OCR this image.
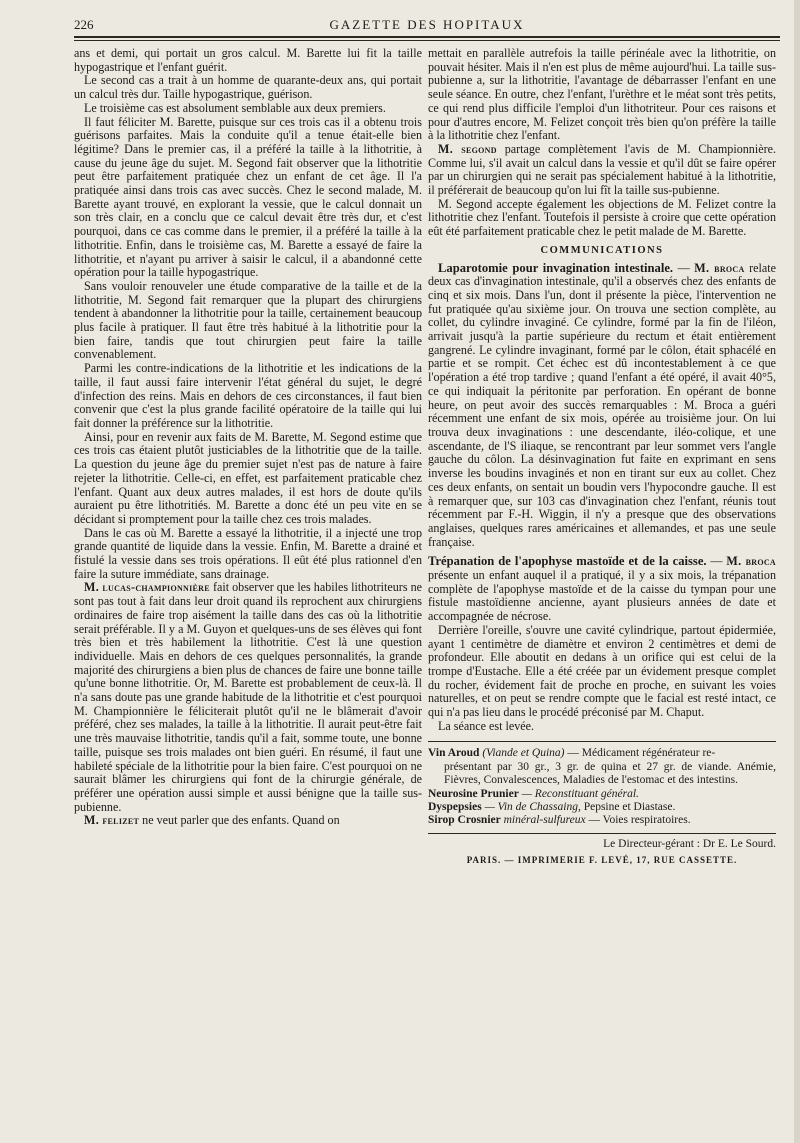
226	GAZETTE DES HOPITAUX

ans et demi, qui portait un gros calcul. M. Barette lui fit la taille hypogastrique et l'enfant guérit.

Le second cas a trait à un homme de quarante-deux ans, qui portait un calcul très dur. Taille hypogastrique, guérison.

Le troisième cas est absolument semblable aux deux premiers.

Il faut féliciter M. Barette, puisque sur ces trois cas il a obtenu trois guérisons parfaites. Mais la conduite qu'il a tenue était-elle bien légitime? Dans le premier cas, il a préféré la taille à la lithotritie, à cause du jeune âge du sujet. M. Segond fait observer que la lithotritie peut être parfaitement pratiquée chez un enfant de cet âge. Il l'a pratiquée ainsi dans trois cas avec succès. Chez le second malade, M. Barette ayant trouvé, en explorant la vessie, que le calcul donnait un son très clair, en a conclu que ce calcul devait être très dur, et c'est pourquoi, dans ce cas comme dans le premier, il a préféré la taille à la lithotritie. Enfin, dans le troisième cas, M. Barette a essayé de faire la lithotritie, et n'ayant pu arriver à saisir le calcul, il a abandonné cette opération pour la taille hypogastrique.

Sans vouloir renouveler une étude comparative de la taille et de la lithotritie, M. Segond fait remarquer que la plupart des chirurgiens tendent à abandonner la lithotritie pour la taille, certainement beaucoup plus facile à pratiquer. Il faut être très habitué à la lithotritie pour la bien faire, tandis que tout chirurgien peut faire la taille convenablement.

Parmi les contre-indications de la lithotritie et les indications de la taille, il faut aussi faire intervenir l'état général du sujet, le degré d'infection des reins. Mais en dehors de ces circonstances, il faut bien convenir que c'est la plus grande facilité opératoire de la taille qui lui fait donner la préférence sur la lithotritie.

Ainsi, pour en revenir aux faits de M. Barette, M. Segond estime que ces trois cas étaient plutôt justiciables de la lithotritie que de la taille. La question du jeune âge du premier sujet n'est pas de nature à faire rejeter la lithotritie. Celle-ci, en effet, est parfaitement praticable chez l'enfant. Quant aux deux autres malades, il est hors de doute qu'ils auraient pu être lithotritiés. M. Barette a donc été un peu vite en se décidant si promptement pour la taille chez ces trois malades.

Dans le cas où M. Barette a essayé la lithotritie, il a injecté une trop grande quantité de liquide dans la vessie. Enfin, M. Barette a drainé et fistulé la vessie dans ses trois opérations. Il eût été plus rationnel d'en faire la suture immédiate, sans drainage.

M. lucas-championnière fait observer que les habiles lithotriteurs ne sont pas tout à fait dans leur droit quand ils reprochent aux chirurgiens ordinaires de faire trop aisément la taille dans des cas où la lithotritie serait préférable. Il y a M. Guyon et quelques-uns de ses élèves qui font très bien et très habilement la lithotritie. C'est là une question individuelle. Mais en dehors de ces quelques personnalités, la grande majorité des chirurgiens a bien plus de chances de faire une bonne taille qu'une bonne lithotritie. Or, M. Barette est probablement de ceux-là. Il n'a sans doute pas une grande habitude de la lithotritie et c'est pourquoi M. Championnière le féliciterait plutôt qu'il ne le blâmerait d'avoir préféré, chez ses malades, la taille à la lithotritie. Il aurait peut-être fait une très mauvaise lithotritie, tandis qu'il a fait, somme toute, une bonne taille, puisque ses trois malades ont bien guéri. En résumé, il faut une habileté spéciale de la lithotritie pour la bien faire. C'est pourquoi on ne saurait blâmer les chirurgiens qui font de la chirurgie générale, de préférer une opération aussi simple et aussi bénigne que la taille sus-pubienne.

M. felizet ne veut parler que des enfants. Quand on

mettait en parallèle autrefois la taille périnéale avec la lithotritie, on pouvait hésiter. Mais il n'en est plus de même aujourd'hui. La taille sus-pubienne a, sur la lithotritie, l'avantage de débarrasser l'enfant en une seule séance. En outre, chez l'enfant, l'urèthre et le méat sont très petits, ce qui rend plus difficile l'emploi d'un lithotriteur. Pour ces raisons et pour d'autres encore, M. Felizet conçoit très bien qu'on préfère la taille à la lithotritie chez l'enfant.

M. segond partage complètement l'avis de M. Championnière. Comme lui, s'il avait un calcul dans la vessie et qu'il dût se faire opérer par un chirurgien qui ne serait pas spécialement habitué à la lithotritie, il préférerait de beaucoup qu'on lui fît la taille sus-pubienne.

M. Segond accepte également les objections de M. Felizet contre la lithotritie chez l'enfant. Toutefois il persiste à croire que cette opération eût été parfaitement praticable chez le petit malade de M. Barette.

COMMUNICATIONS

Laparotomie pour invagination intestinale. — M. broca relate deux cas d'invagination intestinale, qu'il a observés chez des enfants de cinq et six mois. Dans l'un, dont il présente la pièce, l'intervention ne fut pratiquée qu'au sixième jour. On trouva une section complète, au collet, du cylindre invaginé. Ce cylindre, formé par la fin de l'iléon, arrivait jusqu'à la partie supérieure du rectum et était entièrement gangrené. Le cylindre invaginant, formé par le côlon, était sphacélé en partie et se rompit. Cet échec est dû incontestablement à ce que l'opération a été trop tardive ; quand l'enfant a été opéré, il avait 40°5, ce qui indiquait la péritonite par perforation. En opérant de bonne heure, on peut avoir des succès remarquables : M. Broca a guéri récemment une enfant de six mois, opérée au troisième jour. On lui trouva deux invaginations : une descendante, iléo-colique, et une ascendante, de l'S iliaque, se rencontrant par leur sommet vers l'angle gauche du côlon. La désinvagination fut faite en exprimant en sens inverse les boudins invaginés et non en tirant sur eux au collet. Chez ces deux enfants, on sentait un boudin vers l'hypocondre gauche. Il est à remarquer que, sur 103 cas d'invagination chez l'enfant, réunis tout récemment par F.-H. Wiggin, il n'y a presque que des observations anglaises, quelques rares américaines et allemandes, et pas une seule française.

Trépanation de l'apophyse mastoïde et de la caisse. — M. broca présente un enfant auquel il a pratiqué, il y a six mois, la trépanation complète de l'apophyse mastoïde et de la caisse du tympan pour une fistule mastoïdienne ancienne, ayant plusieurs années de date et accompagnée de nécrose.

Derrière l'oreille, s'ouvre une cavité cylindrique, partout épidermiée, ayant 1 centimètre de diamètre et environ 2 centimètres et demi de profondeur. Elle aboutit en dedans à un orifice qui est celui de la trompe d'Eustache. Elle a été créée par un évidement presque complet du rocher, évidement fait de proche en proche, en suivant les voies naturelles, et on peut se rendre compte que le facial est resté intact, ce qui n'a pas lieu dans le procédé préconisé par M. Chaput.

La séance est levée.

Vin Aroud (Viande et Quina) — Médicament régénérateur re-

présentant par 30 gr., 3 gr. de quina et 27 gr. de viande. Anémie, Fièvres, Convalescences, Maladies de l'estomac et des intestins.

Neurosine Prunier — Reconstituant général.

Dyspepsies — Vin de Chassaing, Pepsine et Diastase.

Sirop Crosnier minéral-sulfureux — Voies respiratoires.

Le Directeur-gérant : Dr E. Le Sourd.
PARIS. — IMPRIMERIE F. LEVÉ, 17, RUE CASSETTE.
